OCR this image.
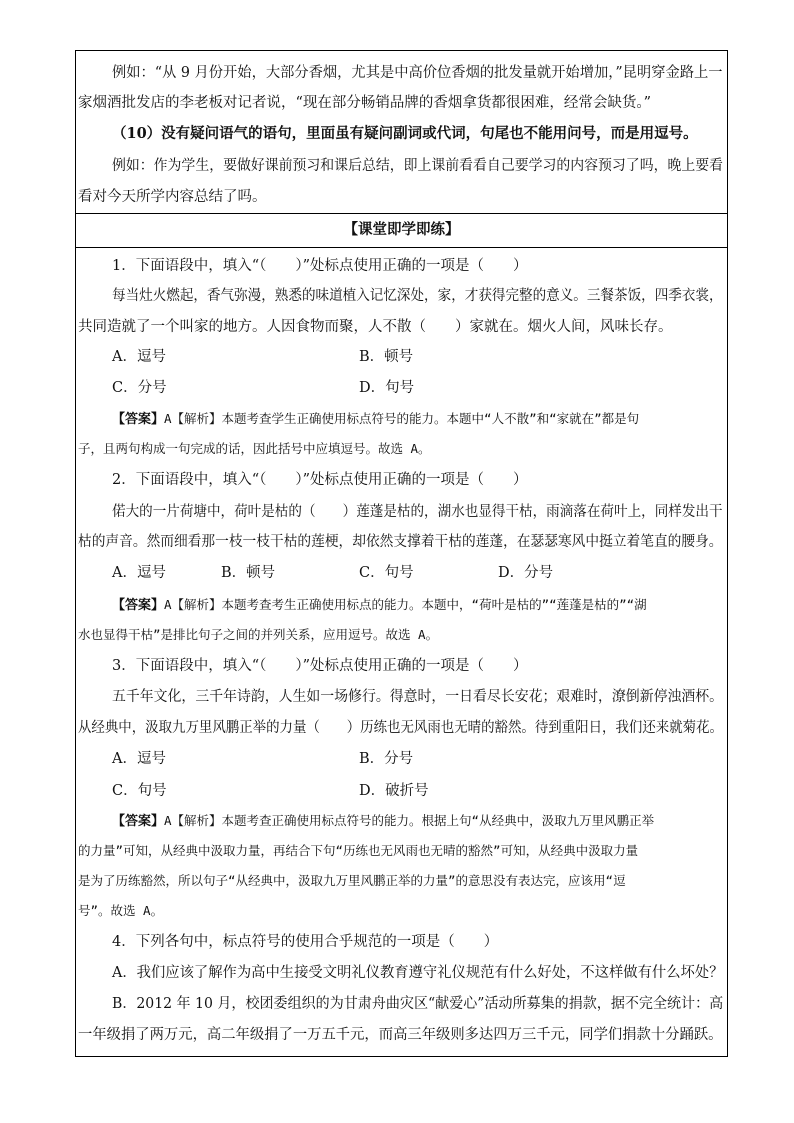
例如：“从 9 月份开始，大部分香烟，尤其是中高价位香烟的批发量就开始增加，”昆明穿金路上一
家烟酒批发店的李老板对记者说，“现在部分畅销品牌的香烟拿货都很困难，经常会缺货。”
（10）没有疑问语气的语句，里面虽有疑问副词或代词，句尾也不能用问号，而是用逗号。
例如：作为学生，要做好课前预习和课后总结，即上课前看看自己要学习的内容预习了吗，晚上要看
看对今天所学内容总结了吗。
【课堂即学即练】
1．下面语段中，填入“（　　）”处标点使用正确的一项是（　　）
每当灶火燃起，香气弥漫，熟悉的味道植入记忆深处，家，才获得完整的意义。三餐茶饭，四季衣裳，
共同造就了一个叫家的地方。人因食物而聚，人不散（　　）家就在。烟火人间，风味长存。
A．逗号	B．顿号
C．分号	D．句号
【答案】A【解析】本题考查学生正确使用标点符号的能力。本题中“人不散”和“家就在”都是句
子，且两句构成一句完成的话，因此括号中应填逗号。故选 A。
2．下面语段中，填入“（　　）”处标点使用正确的一项是（　　）
偌大的一片荷塘中，荷叶是枯的（　　）莲蓬是枯的，湖水也显得干枯，雨滴落在荷叶上，同样发出干
枯的声音。然而细看那一枝一枝干枯的莲梗，却依然支撑着干枯的莲蓬，在瑟瑟寒风中挺立着笔直的腰身。
A．逗号	B．顿号	C．句号	D．分号
【答案】A【解析】本题考查考生正确使用标点的能力。本题中，“荷叶是枯的”“莲蓬是枯的”“湖
水也显得干枯”是排比句子之间的并列关系，应用逗号。故选 A。
3．下面语段中，填入“（　　）”处标点使用正确的一项是（　　）
五千年文化，三千年诗韵，人生如一场修行。得意时，一日看尽长安花；艰难时，潦倒新停浊酒杯。
从经典中，汲取九万里风鹏正举的力量（　　）历练也无风雨也无晴的豁然。待到重阳日，我们还来就菊花。
A．逗号	B．分号
C．句号	D．破折号
【答案】A【解析】本题考查正确使用标点符号的能力。根据上句“从经典中，汲取九万里风鹏正举
的力量”可知，从经典中汲取力量，再结合下句“历练也无风雨也无晴的豁然”可知，从经典中汲取力量
是为了历练豁然，所以句子“从经典中，汲取九万里风鹏正举的力量”的意思没有表达完，应该用“逗
号”。故选 A。
4．下列各句中，标点符号的使用合乎规范的一项是（　　）
A．我们应该了解作为高中生接受文明礼仪教育遵守礼仪规范有什么好处，不这样做有什么坏处？
B．2012 年 10 月，校团委组织的为甘肃舟曲灾区“献爱心”活动所募集的捐款，据不完全统计：高
一年级捐了两万元，高二年级捐了一万五千元，而高三年级则多达四万三千元，同学们捐款十分踊跃。
